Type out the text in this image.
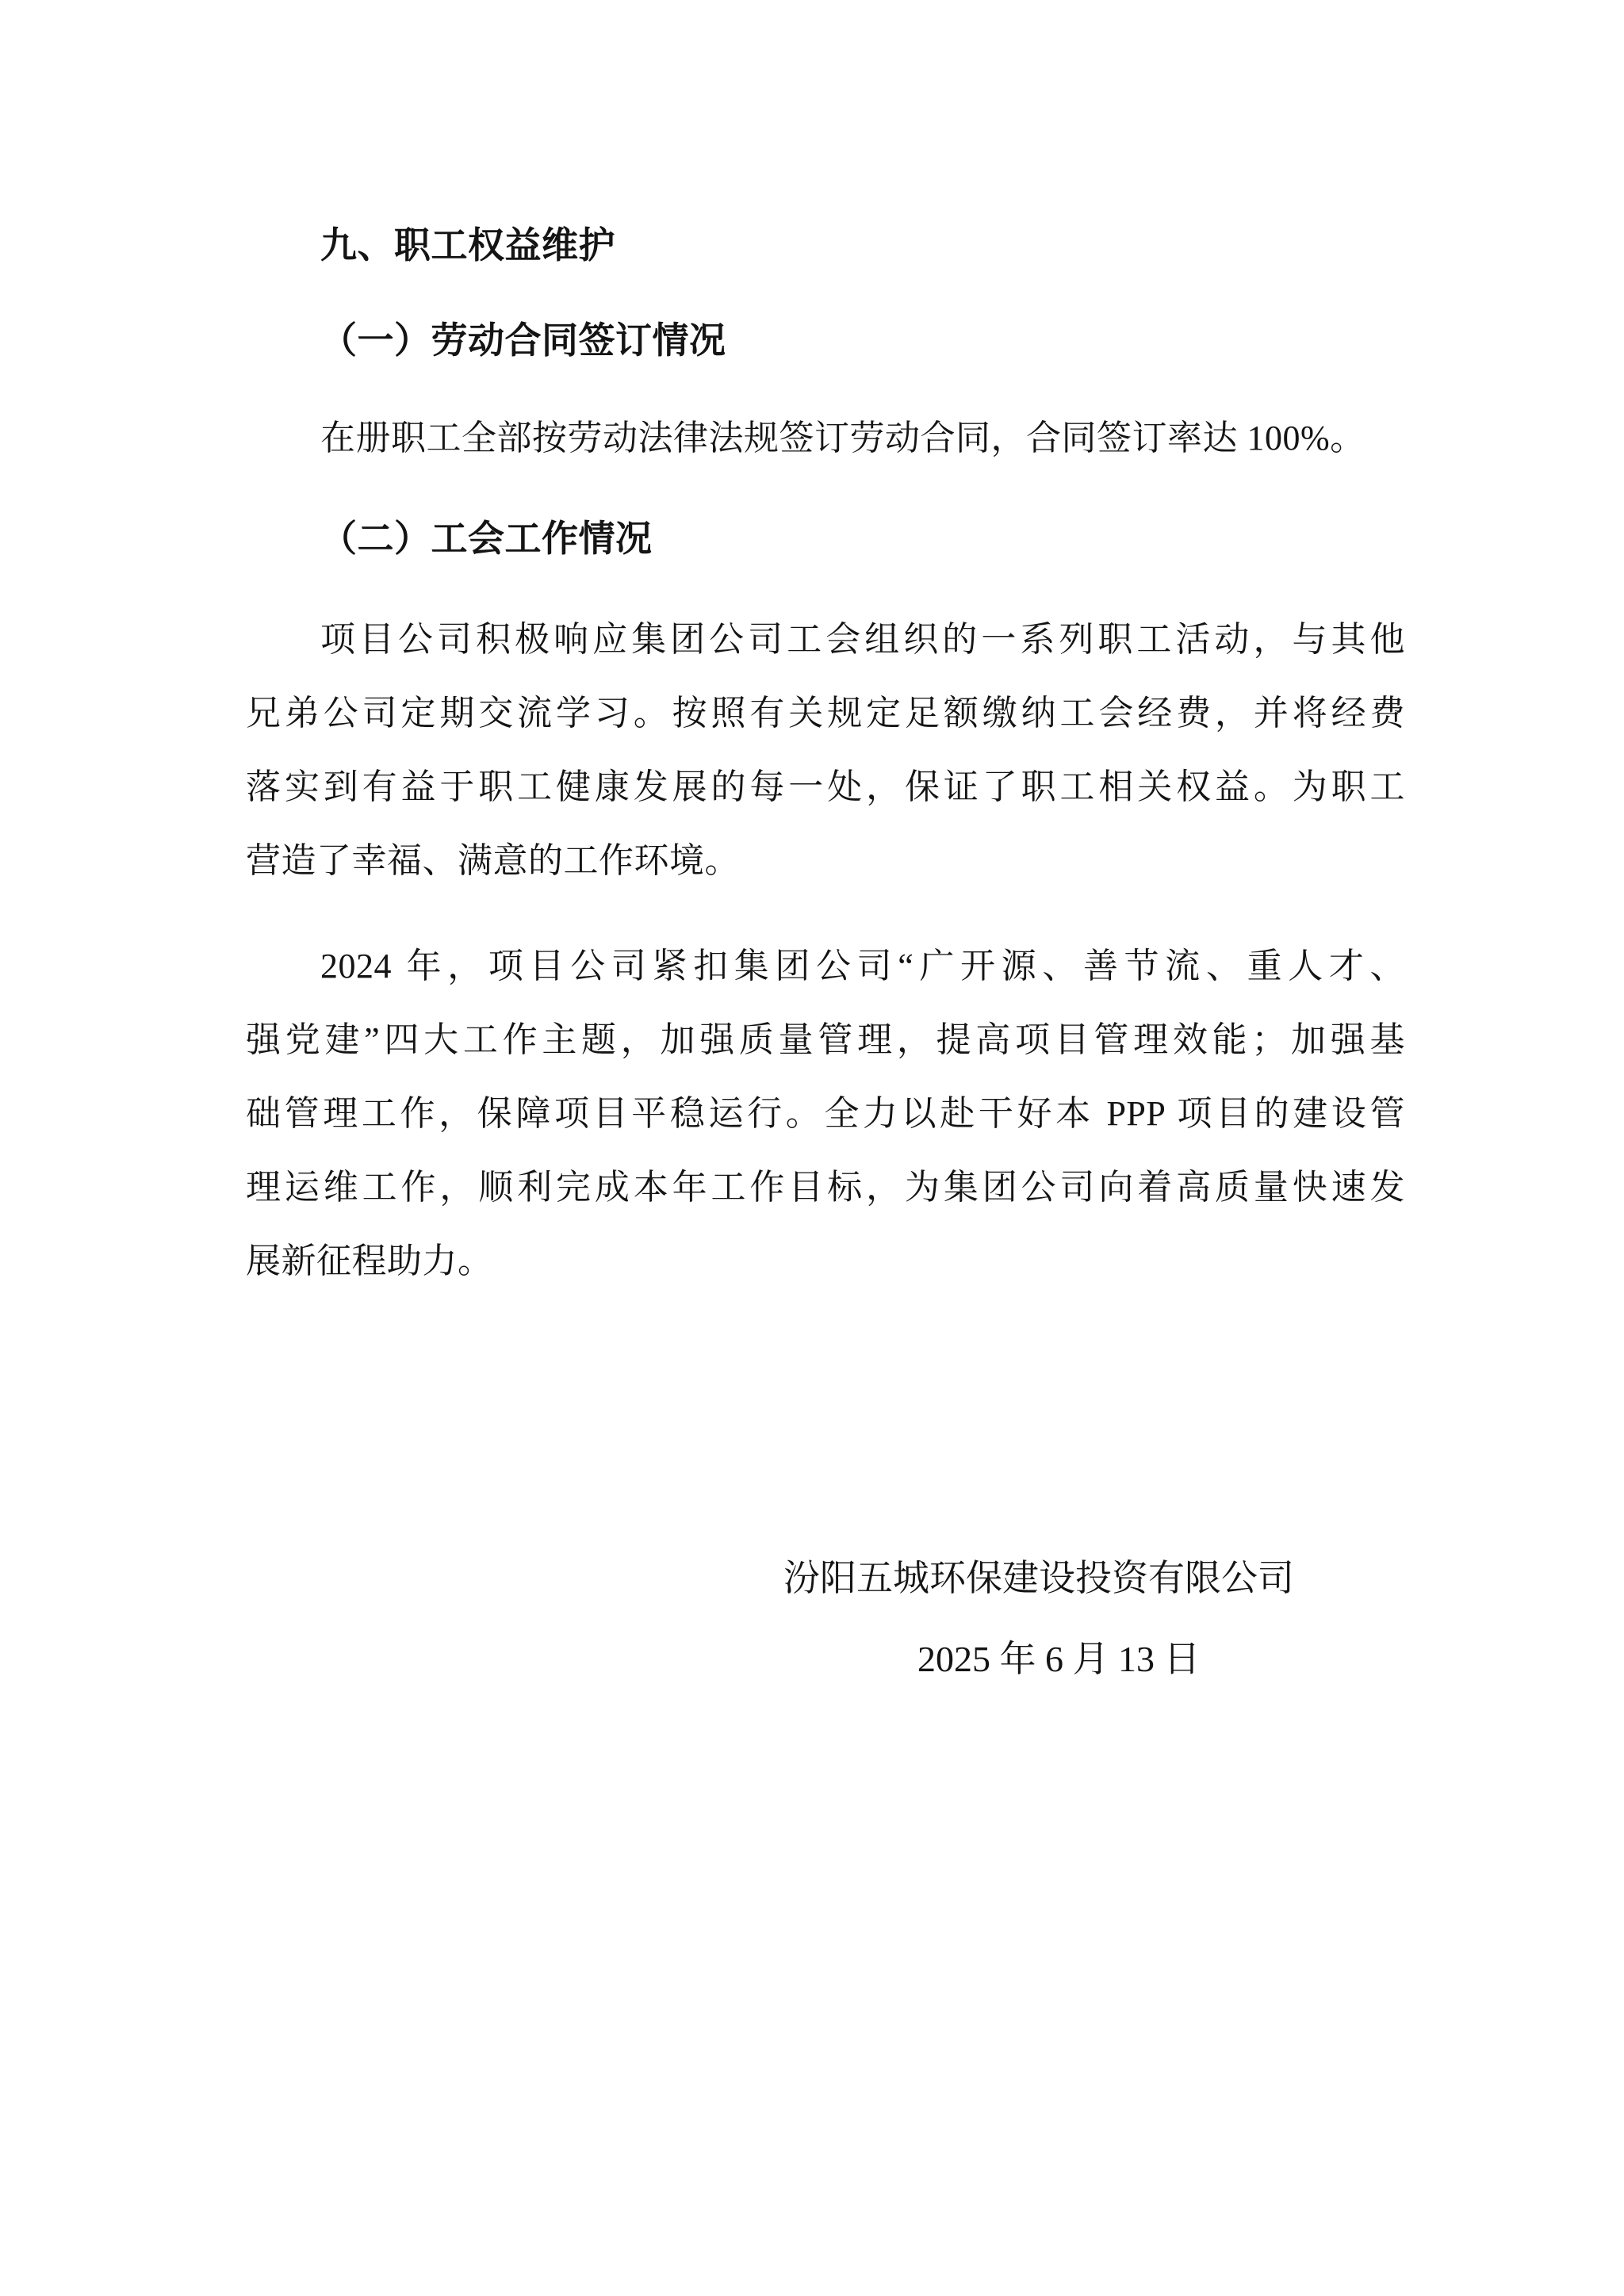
九、职工权益维护
（一）劳动合同签订情况
在册职工全部按劳动法律法规签订劳动合同，合同签订率达 100%。
（二）工会工作情况
项目公司积极响应集团公司工会组织的一系列职工活动，与其他
兄弟公司定期交流学习。按照有关规定足额缴纳工会经费，并将经费
落实到有益于职工健康发展的每一处，保证了职工相关权益。为职工
营造了幸福、满意的工作环境。
2024 年，项目公司紧扣集团公司“广开源、善节流、重人才、
强党建”四大工作主题，加强质量管理，提高项目管理效能；加强基
础管理工作，保障项目平稳运行。全力以赴干好本 PPP 项目的建设管
理运维工作，顺利完成本年工作目标，为集团公司向着高质量快速发
展新征程助力。
汾阳五城环保建设投资有限公司
2025 年 6 月 13 日
